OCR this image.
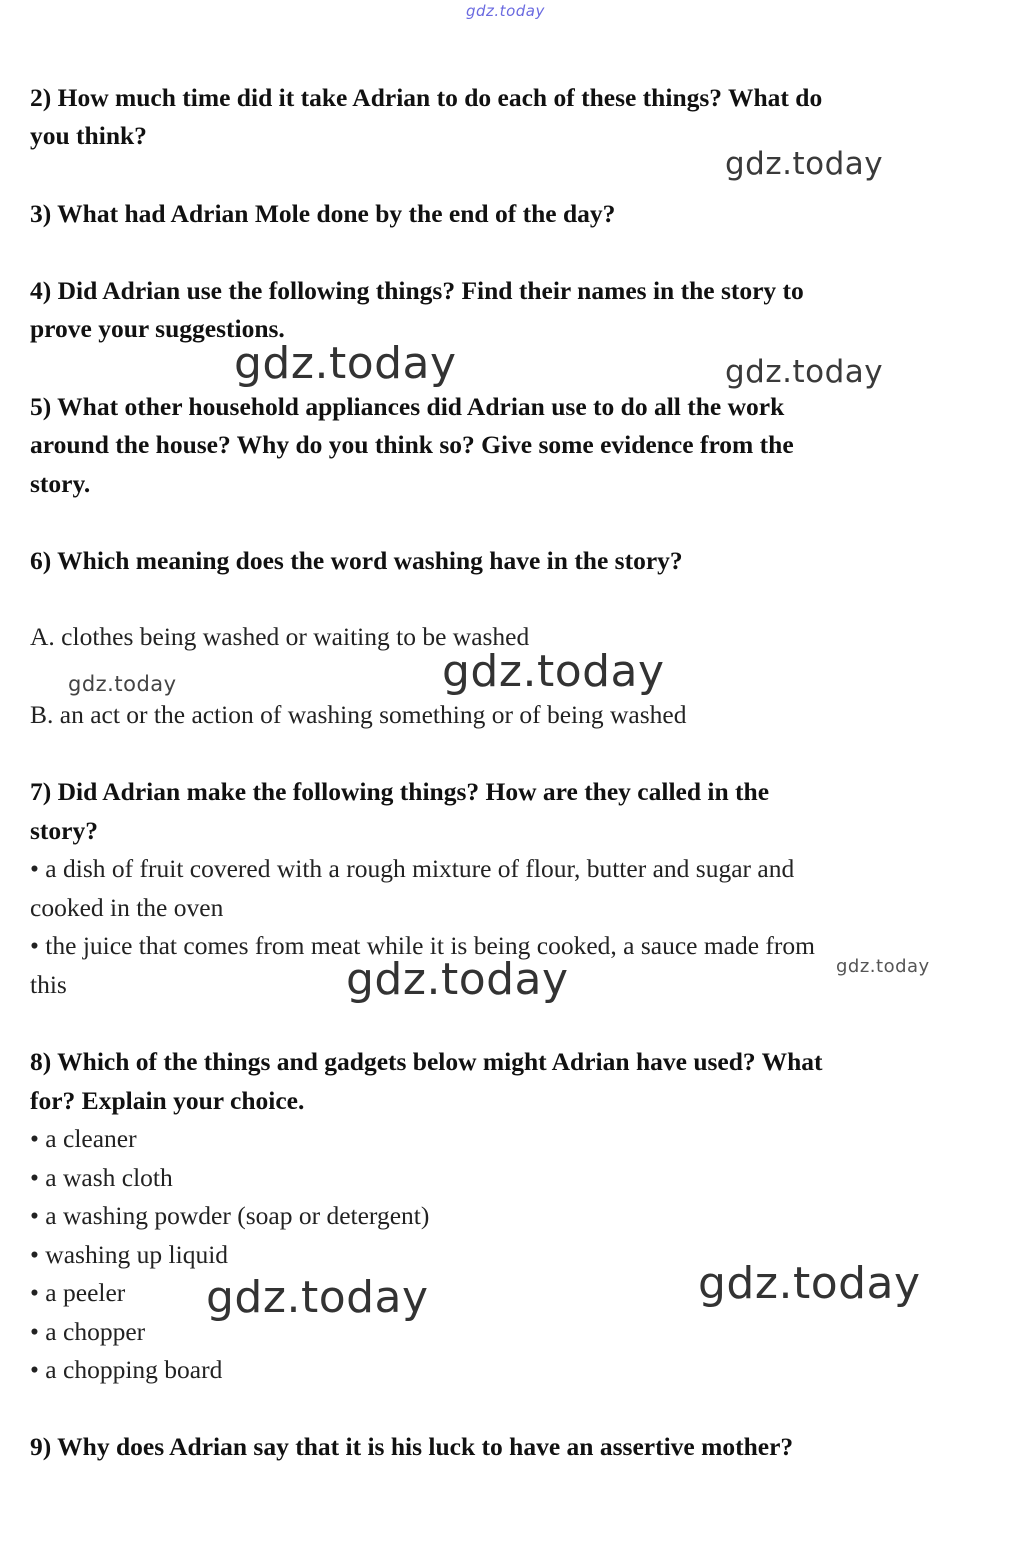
gdz.today
gdz.today
gdz.today	gdz.today
gdz.today
gdz.today
gdz.today
gdz.today
gdz.today	gdz.today

2) How much time did it take Adrian to do each of these things? What do

you think?

3) What had Adrian Mole done by the end of the day?

4) Did Adrian use the following things? Find their names in the story to

prove your suggestions.

5) What other household appliances did Adrian use to do all the work

around the house? Why do you think so? Give some evidence from the

story.

6) Which meaning does the word washing have in the story?

A. clothes being washed or waiting to be washed

B. an act or the action of washing something or of being washed

7) Did Adrian make the following things? How are they called in the

story?

• a dish of fruit covered with a rough mixture of flour, butter and sugar and

cooked in the oven

• the juice that comes from meat while it is being cooked, a sauce made from

this

8) Which of the things and gadgets below might Adrian have used? What

for? Explain your choice.

• a cleaner

• a wash cloth

• a washing powder (soap or detergent)

• washing up liquid

• a peeler

• a chopper

• a chopping board

9) Why does Adrian say that it is his luck to have an assertive mother?
